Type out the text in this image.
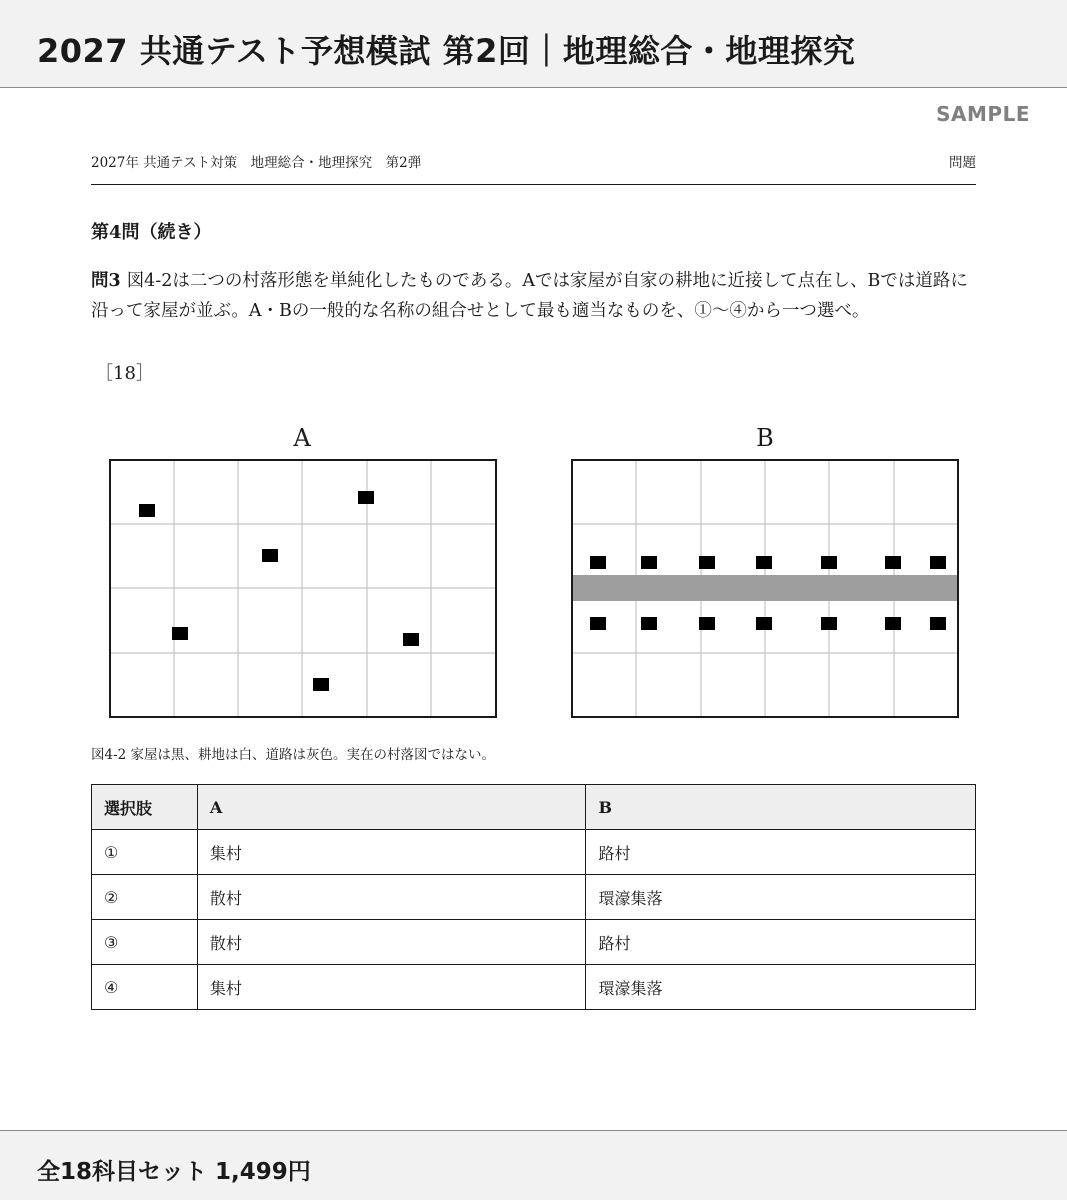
2027 共通テスト予想模試 第2回｜地理総合・地理探究
SAMPLE
2027年 共通テスト対策　地理総合・地理探究　第2弾	問題
第4問（続き）
問3 図4-2は二つの村落形態を単純化したものである。Aでは家屋が自家の耕地に近接して点在し、Bでは道路に沿って家屋が並ぶ。A・Bの一般的な名称の組合せとして最も適当なものを、①〜④から一つ選べ。
［18］
A	B
図4-2 家屋は黒、耕地は白、道路は灰色。実在の村落図ではない。
選択肢	A	B
①	集村	路村
②	散村	環濠集落
③	散村	路村
④	集村	環濠集落
全18科目セット 1,499円
